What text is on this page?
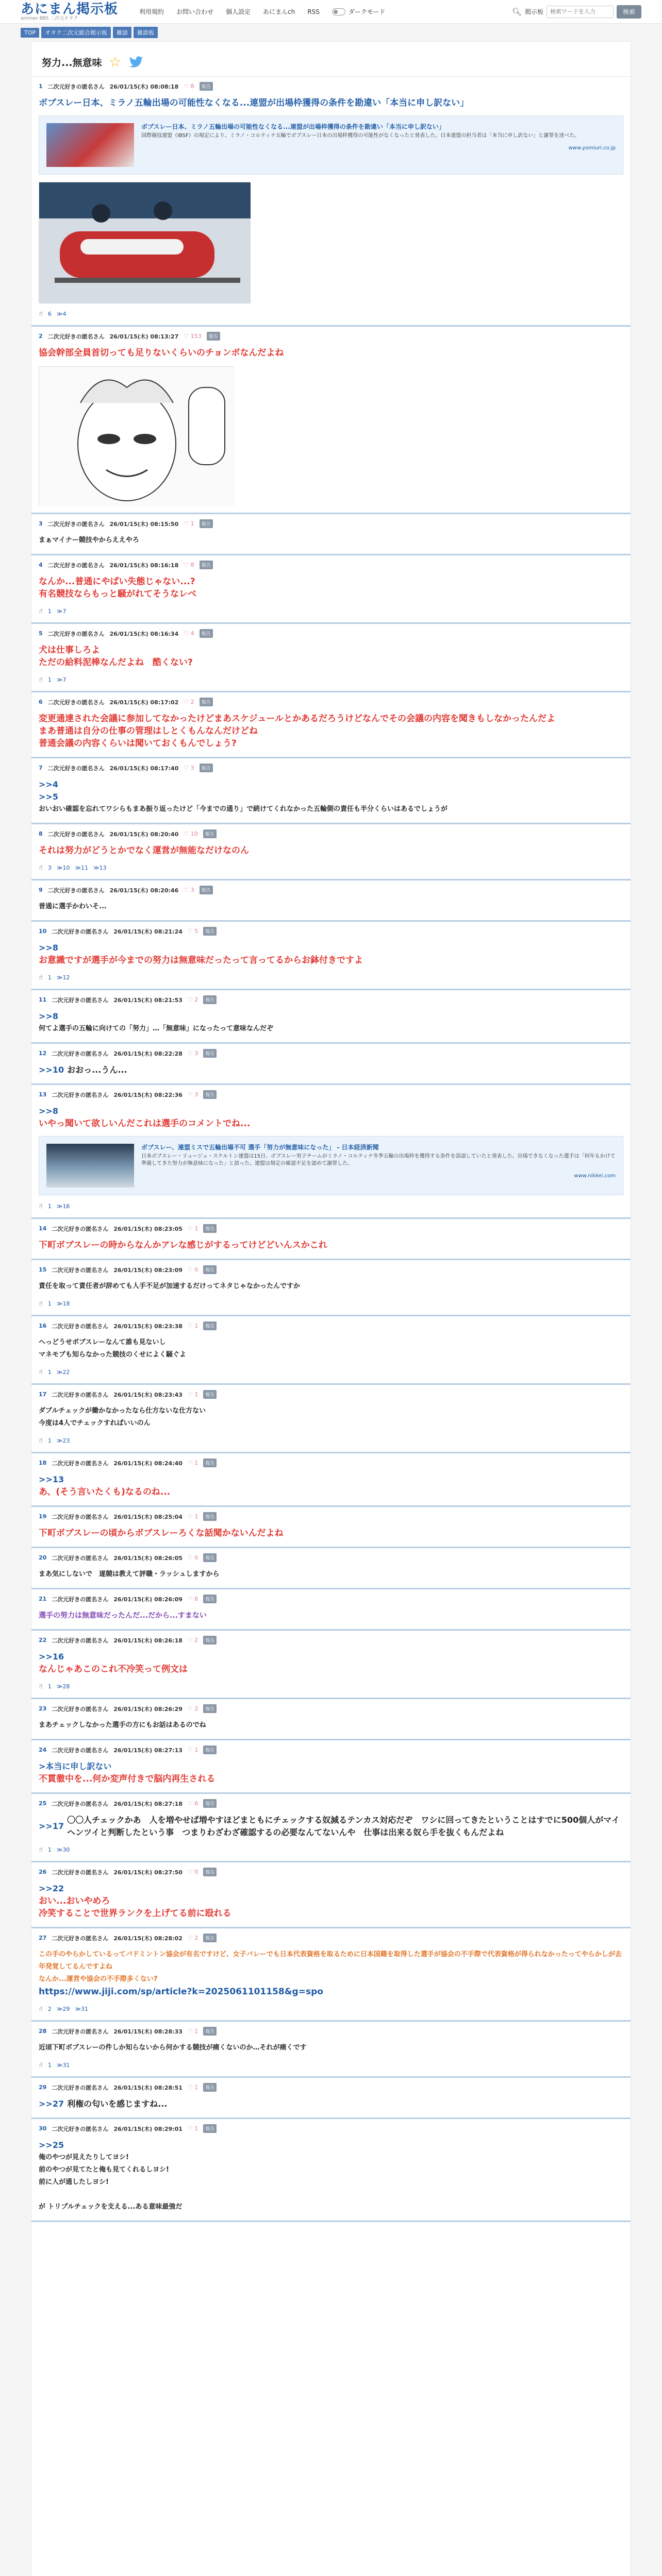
あにまん掲示板
animan BBS 二次元オタク
利用規約 お問い合わせ 個人設定 あにまんch RSS	ダークモード	🔍︎ 掲示板
検索ワードを入力	検索
TOP	オタク二次元総合掲示板	雑談	雑談板
努力...無意味 ☆
1 二次元好きの匿名さん 26/01/15(木) 08:08:18 ♡ 8	報告
ボブスレー日本、ミラノ五輪出場の可能性なくなる...連盟が出場枠獲得の条件を勘違い「本当に申し訳ない」
ボブスレー日本、ミラノ五輪出場の可能性なくなる...連盟が出場枠獲得の条件を勘違い「本当に申し訳ない」
国際競技連盟（IBSF）の規定により、ミラノ・コルティナ五輪でボブスレー日本の出場枠獲得の可能性がなくなったと発表した。日本連盟の担当者は「本当に申し訳ない」と謝罪を述べた。
www.yomiuri.co.jp
☝︎ 6 ≫4
2 二次元好きの匿名さん 26/01/15(木) 08:13:27 ♡ 153	報告
協会幹部全員首切っても足りないくらいのチョンボなんだよね
3 二次元好きの匿名さん 26/01/15(木) 08:15:50 ♡ 1	報告
まぁマイナー競技やからええやろ
4 二次元好きの匿名さん 26/01/15(木) 08:16:18 ♡ 8	報告
なんか...普通にやばい失態じゃない...?
有名競技ならもっと騒がれてそうなレベ
☝︎ 1 ≫7
5 二次元好きの匿名さん 26/01/15(木) 08:16:34 ♡ 4	報告
犬は仕事しろよ
ただの給料泥棒なんだよね　酷くない?
☝︎ 1 ≫7
6 二次元好きの匿名さん 26/01/15(木) 08:17:02 ♡ 2	報告
変更通達された会議に参加してなかったけどまあスケジュールとかあるだろうけどなんでその会議の内容を聞きもしなかったんだよ
まあ普通は自分の仕事の管理はしとくもんなんだけどね
普通会議の内容くらいは聞いておくもんでしょう?
7 二次元好きの匿名さん 26/01/15(木) 08:17:40 ♡ 3	報告
>>4
>>5
おいおい確認を忘れてワシらもまあ振り返ったけど「今までの通り」で続けてくれなかった五輪側の責任も半分くらいはあるでしょうが
8 二次元好きの匿名さん 26/01/15(木) 08:20:40 ♡ 10	報告
それは努力がどうとかでなく運営が無能なだけなのん
☝︎ 3 ≫10 ≫11 ≫13
9 二次元好きの匿名さん 26/01/15(木) 08:20:46 ♡ 3	報告
普通に選手かわいそ...
10 二次元好きの匿名さん 26/01/15(木) 08:21:24 ♡ 5	報告
>>8
お意識ですが選手が今までの努力は無意味だったって言ってるからお鉢付きですよ
☝︎ 1 ≫12
11 二次元好きの匿名さん 26/01/15(木) 08:21:53 ♡ 2	報告
>>8
何てよ選手の五輪に向けての「努力」…「無意味」になったって意味なんだぞ
12 二次元好きの匿名さん 26/01/15(木) 08:22:28 ♡ 3	報告
>>10 おおっ...うん...
13 二次元好きの匿名さん 26/01/15(木) 08:22:36 ♡ 3	報告
>>8
いやっ聞いて欲しいんだこれは選手のコメントでね...
ボブスレー、連盟ミスで五輪出場不可 選手「努力が無意味になった」 - 日本経済新聞
日本ボブスレー・リュージュ・スケルトン連盟は15日、ボブスレー男子チームがミラノ・コルティナ冬季五輪の出場枠を獲得する条件を誤認していたと発表した。出場できなくなった選手は「何年もかけて準備してきた努力が無意味になった」と語った。連盟は規定の確認不足を認めて謝罪した。
www.nikkei.com
☝︎ 1 ≫16
14 二次元好きの匿名さん 26/01/15(木) 08:23:05 ♡ 1	報告
下町ボブスレーの時からなんかアレな感じがするってけどどいんスかこれ
15 二次元好きの匿名さん 26/01/15(木) 08:23:09 ♡ 0	報告
責任を取って責任者が辞めても人手不足が加速するだけってネタじゃなかったんですか
☝︎ 1 ≫18
16 二次元好きの匿名さん 26/01/15(木) 08:23:38 ♡ 1	報告
へっどうせボブスレーなんて誰も見ないし
マネモブも知らなかった競技のくせによく騒ぐよ
☝︎ 1 ≫22
17 二次元好きの匿名さん 26/01/15(木) 08:23:43 ♡ 1	報告
ダブルチェックが働かなかったなら仕方ないな仕方ない
今度は4人でチェックすればいいのん
☝︎ 1 ≫23
18 二次元好きの匿名さん 26/01/15(木) 08:24:40 ♡ 1	報告
>>13
あ、(そう言いたくも)なるのね...
19 二次元好きの匿名さん 26/01/15(木) 08:25:04 ♡ 1	報告
下町ボブスレーの頃からボブスレーろくな話聞かないんだよね
20 二次元好きの匿名さん 26/01/15(木) 08:26:05 ♡ 0	報告
まあ気にしないで　遂競は教えて評職・ラッシュしますから
21 二次元好きの匿名さん 26/01/15(木) 08:26:09 ♡ 6	報告
選手の努力は無意味だったんだ...だから...すまない
22 二次元好きの匿名さん 26/01/15(木) 08:26:18 ♡ 2	報告
>>16
なんじゃあこのこれ不冷笑って例文は
☝︎ 1 ≫28
23 二次元好きの匿名さん 26/01/15(木) 08:26:29 ♡ 2	報告
まあチェックしなかった選手の方にもお話はあるのでね
24 二次元好きの匿名さん 26/01/15(木) 08:27:13 ♡ 1	報告
>本当に申し訳ない
不貫徹中を...何か変声付きで脳内再生される
25 二次元好きの匿名さん 26/01/15(木) 08:27:18 ♡ 6	報告
>>17
〇〇人チェックかあ　人を増やせば増やすほどまともにチェックする奴減るテンカス対応だぞ　ワシに回ってきたということはすでに500個人がマイヘンツイと判断したという事　つまりわざわざ確認するの必要なんてないんや　仕事は出来る奴ら手を抜くもんだよね
☝︎ 1 ≫30
26 二次元好きの匿名さん 26/01/15(木) 08:27:50 ♡ 0	報告
>>22
おい...おいやめろ
冷笑することで世界ランクを上げてる前に殴れる
27 二次元好きの匿名さん 26/01/15(木) 08:28:02 ♡ 2	報告
この手のやらかしているってバドミントン協会が有名ですけど、女子バレーでも日本代表資格を取るために日本国籍を取得した選手が協会の不手際で代表資格が得られなかったってやらかしが去年発覚してるんですよね
なんか...運営や協会の不手際多くない?
https://www.jiji.com/sp/article?k=2025061101158&g=spo
☝︎ 2 ≫29 ≫31
28 二次元好きの匿名さん 26/01/15(木) 08:28:33 ♡ 1	報告
近頃下町ボブスレーの件しか知らないから何かする競技が痛くないのか…それが痛くです
☝︎ 1 ≫31
29 二次元好きの匿名さん 26/01/15(木) 08:28:51 ♡ 1	報告
>>27 利権の匂いを感じますね...
30 二次元好きの匿名さん 26/01/15(木) 08:29:01 ♡ 1	報告
>>25
俺のやつが見えたりしてヨシ!
前のやつが見てたと俺も見てくれるしヨシ!
前に人が通したしヨシ!

が トリプルチェックを支える...ある意味最強だ
